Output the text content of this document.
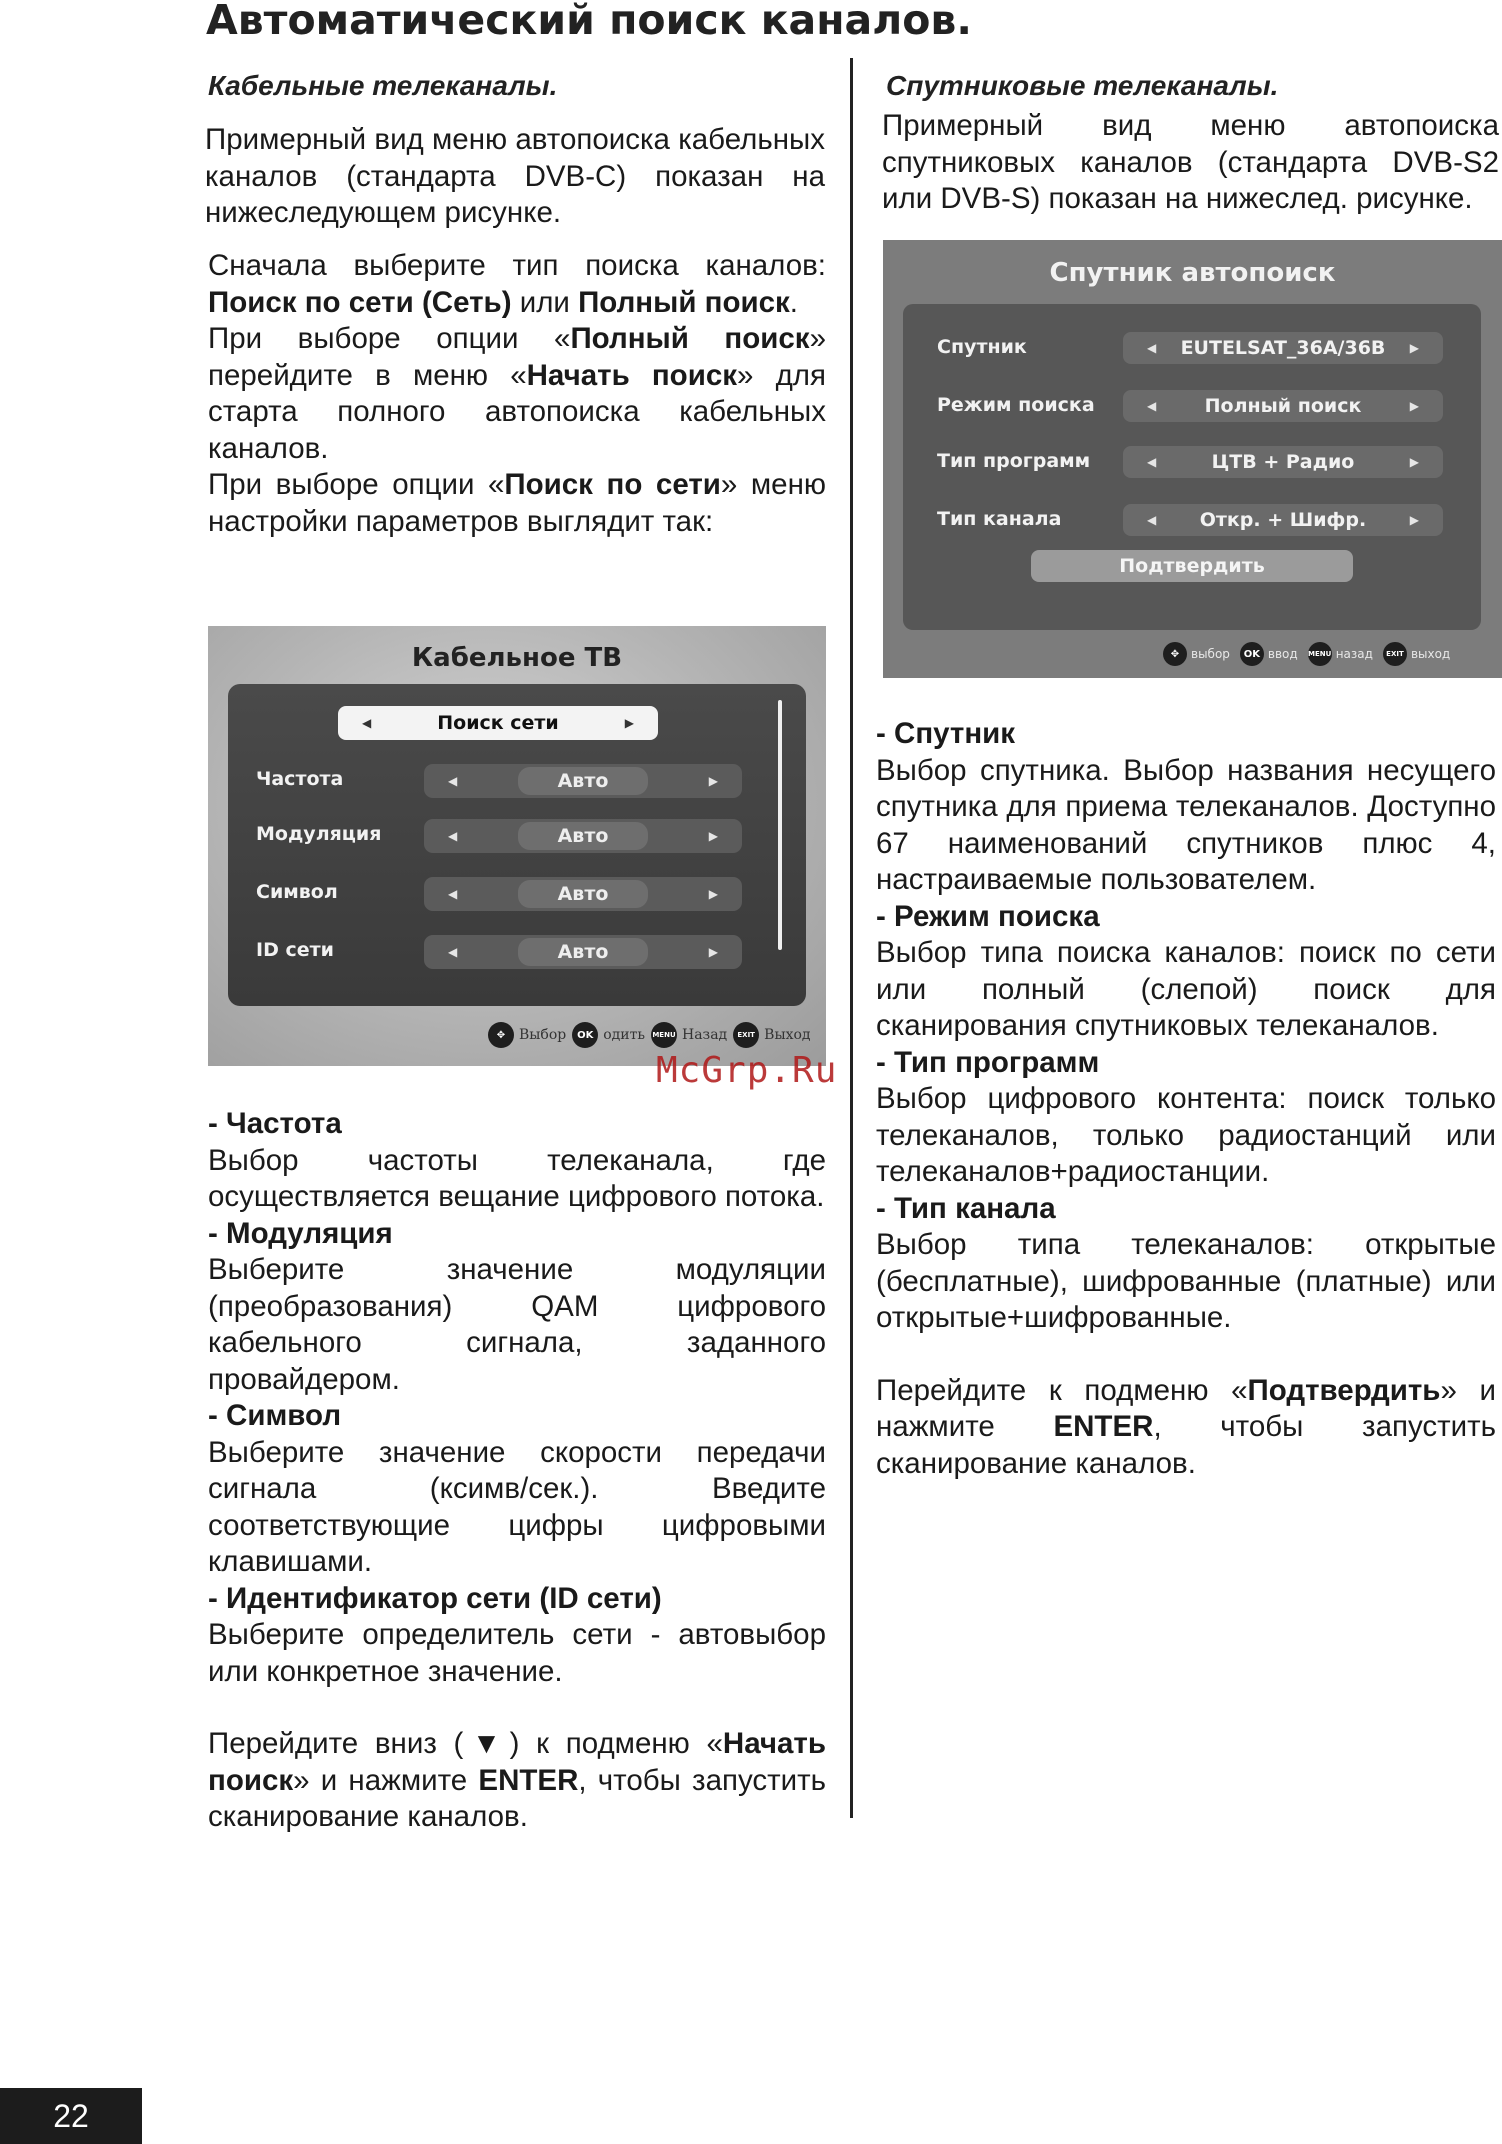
Автоматический поиск каналов.
Кабельные телеканалы.
Примерный вид меню автопоиска кабельных каналов (стандарта DVB-C) показан на нижеследующем рисунке.
Сначала выберите тип поиска каналов: Поиск по сети (Сеть) или Полный поиск.
При выборе опции «Полный поиск» перейдите в меню «Начать поиск» для старта полного автопоиска кабельных каналов.
При выборе опции «Поиск по сети» меню настройки параметров выглядит так:
Кабельное ТВ
◀	Поиск сети	▶
Частота	◀	Авто	▶
Модуляция	◀	Авто	▶
Символ	◀	Авто	▶
ID сети	◀	Авто	▶
✥ Выбор	OK одить MENU Назад	EXIT Выход
McGrp.Ru
- Частота
Выбор частоты телеканала, где осуществляется вещание цифрового потока.
- Модуляция
Выберите значение модуляции (преобразования) QAM цифрового кабельного сигнала, заданного провайдером.
- Символ
Выберите значение скорости передачи сигнала (ксимв/сек.). Введите соответствующие цифры цифровыми клавишами.
- Идентификатор сети (ID сети)
Выберите определитель сети - автовыбор или конкретное значение.
Перейдите вниз (▼) к подменю «Начать поиск» и нажмите ENTER, чтобы запустить сканирование каналов.
Спутниковые телеканалы.
Примерный вид меню автопоиска спутниковых каналов (стандарта DVB-S2 или DVB-S) показан на нижеслед. рисунке.
Спутник автопоиск
Спутник	◀ EUTELSAT_36A/36B ▶
Режим поиска	◀	Полный поиск	▶
Тип программ	◀	ЦТВ + Радио	▶
Тип канала	◀ Откр. + Шифр.	▶
Подтвердить
✥ выбор	OK ввод MENU назад	EXIT выход
- Спутник
Выбор спутника. Выбор названия несущего спутника для приема телеканалов. Доступно 67 наименований спутников плюс 4, настраиваемые пользователем.
- Режим поиска
Выбор типа поиска каналов: поиск по сети или полный (слепой) поиск для сканирования спутниковых телеканалов.
- Тип программ
Выбор цифрового контента: поиск только телеканалов, только радиостанций или телеканалов+радиостанции.
- Тип канала
Выбор типа телеканалов: открытые (бесплатные), шифрованные (платные) или открытые+шифрованные.
Перейдите к подменю «Подтвердить» и нажмите ENTER, чтобы запустить сканирование каналов.
22
